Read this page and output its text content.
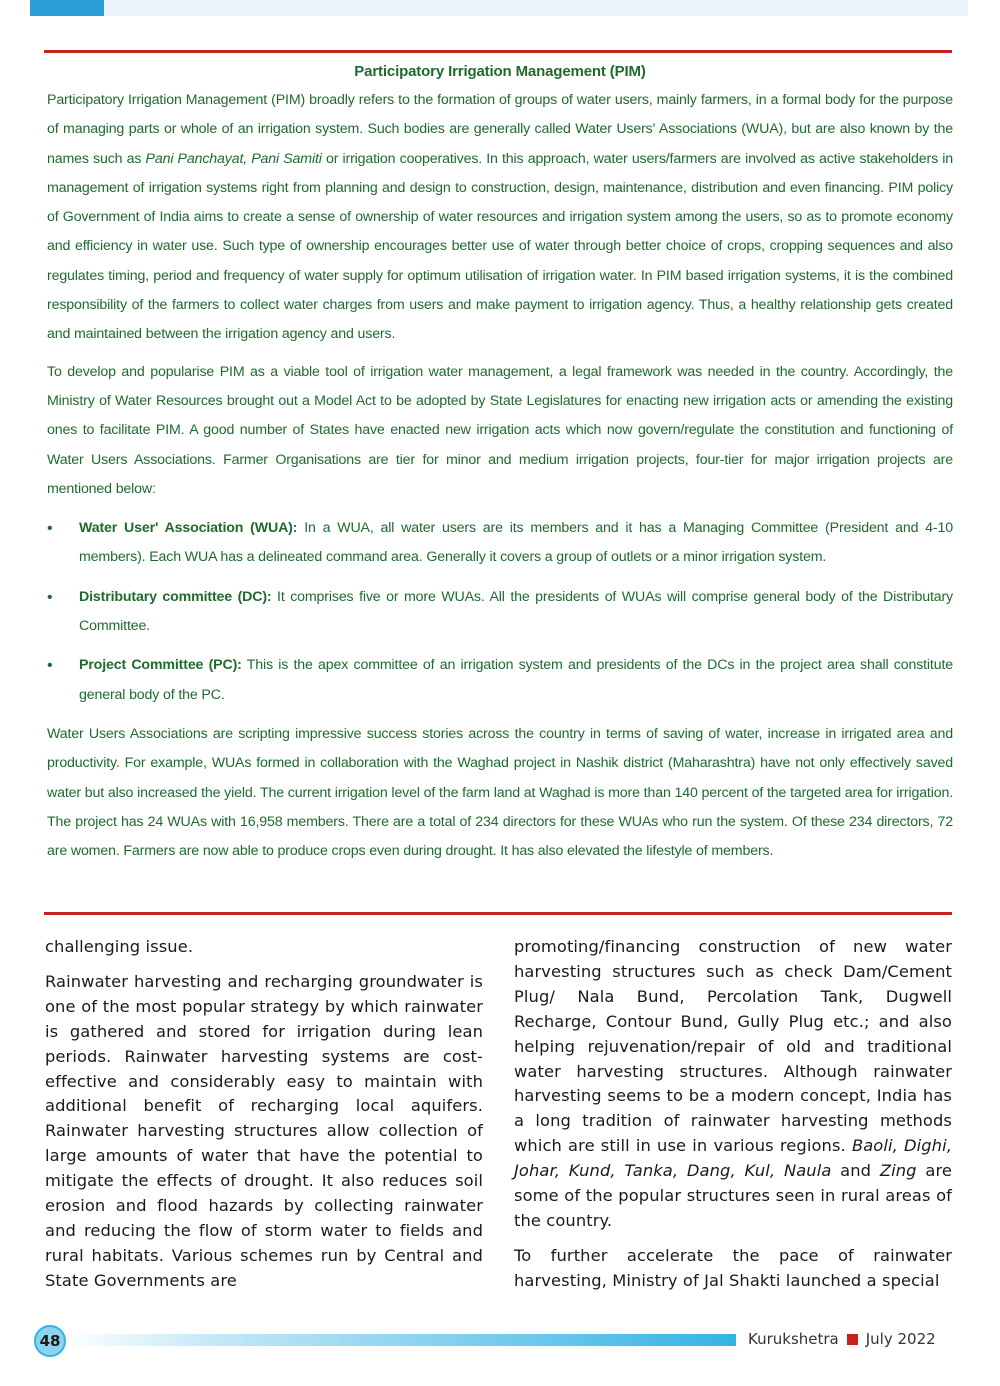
Participatory Irrigation Management (PIM)

Participatory Irrigation Management (PIM) broadly refers to the formation of groups of water users, mainly farmers, in a formal body for the purpose of managing parts or whole of an irrigation system. Such bodies are generally called Water Users' Associations (WUA), but are also known by the names such as Pani Panchayat, Pani Samiti or irrigation cooperatives. In this approach, water users/farmers are involved as active stakeholders in management of irrigation systems right from planning and design to construction, design, maintenance, distribution and even financing. PIM policy of Government of India aims to create a sense of ownership of water resources and irrigation system among the users, so as to promote economy and efficiency in water use. Such type of ownership encourages better use of water through better choice of crops, cropping sequences and also regulates timing, period and frequency of water supply for optimum utilisation of irrigation water. In PIM based irrigation systems, it is the combined responsibility of the farmers to collect water charges from users and make payment to irrigation agency. Thus, a healthy relationship gets created and maintained between the irrigation agency and users.

To develop and popularise PIM as a viable tool of irrigation water management, a legal framework was needed in the country. Accordingly, the Ministry of Water Resources brought out a Model Act to be adopted by State Legislatures for enacting new irrigation acts or amending the existing ones to facilitate PIM. A good number of States have enacted new irrigation acts which now govern/regulate the constitution and functioning of Water Users Associations. Farmer Organisations are tier for minor and medium irrigation projects, four-tier for major irrigation projects are mentioned below:

• Water User' Association (WUA): In a WUA, all water users are its members and it has a Managing Committee (President and 4-10 members). Each WUA has a delineated command area. Generally it covers a group of outlets or a minor irrigation system.
• Distributary committee (DC): It comprises five or more WUAs. All the presidents of WUAs will comprise general body of the Distributary Committee.
• Project Committee (PC): This is the apex committee of an irrigation system and presidents of the DCs in the project area shall constitute general body of the PC.

Water Users Associations are scripting impressive success stories across the country in terms of saving of water, increase in irrigated area and productivity. For example, WUAs formed in collaboration with the Waghad project in Nashik district (Maharashtra) have not only effectively saved water but also increased the yield. The current irrigation level of the farm land at Waghad is more than 140 percent of the targeted area for irrigation. The project has 24 WUAs with 16,958 members. There are a total of 234 directors for these WUAs who run the system. Of these 234 directors, 72 are women. Farmers are now able to produce crops even during drought. It has also elevated the lifestyle of members.

challenging issue.

Rainwater harvesting and recharging groundwater is one of the most popular strategy by which rainwater is gathered and stored for irrigation during lean periods. Rainwater harvesting systems are cost-effective and considerably easy to maintain with additional benefit of recharging local aquifers. Rainwater harvesting structures allow collection of large amounts of water that have the potential to mitigate the effects of drought. It also reduces soil erosion and flood hazards by collecting rainwater and reducing the flow of storm water to fields and rural habitats. Various schemes run by Central and State Governments are

promoting/financing construction of new water harvesting structures such as check Dam/Cement Plug/ Nala Bund, Percolation Tank, Dugwell Recharge, Contour Bund, Gully Plug etc.; and also helping rejuvenation/repair of old and traditional water harvesting structures. Although rainwater harvesting seems to be a modern concept, India has a long tradition of rainwater harvesting methods which are still in use in various regions. Baoli, Dighi, Johar, Kund, Tanka, Dang, Kul, Naula and Zing are some of the popular structures seen in rural areas of the country.

To further accelerate the pace of rainwater harvesting, Ministry of Jal Shakti launched a special

48	Kurukshetra July 2022
